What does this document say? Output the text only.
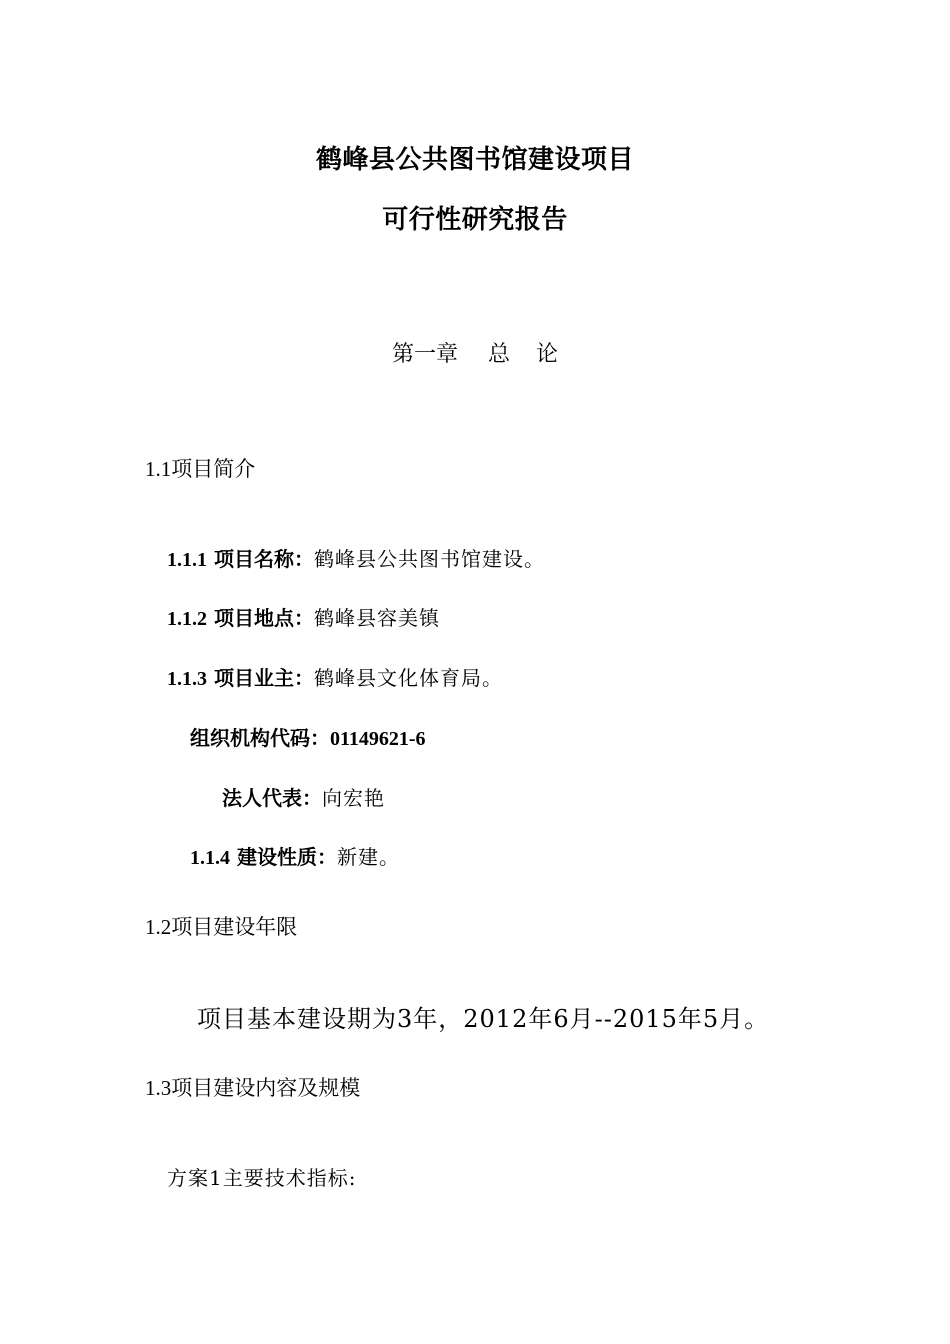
鹤峰县公共图书馆建设项目
可行性研究报告
第一章 总 论
1.1项目简介
1.1.1 项目名称：鹤峰县公共图书馆建设。
1.1.2 项目地点：鹤峰县容美镇
1.1.3 项目业主：鹤峰县文化体育局。
组织机构代码：01149621-6
法人代表：向宏艳
1.1.4 建设性质：新建。
1.2项目建设年限
项目基本建设期为3年，2012年6月--2015年5月。
1.3项目建设内容及规模
方案1主要技术指标:
